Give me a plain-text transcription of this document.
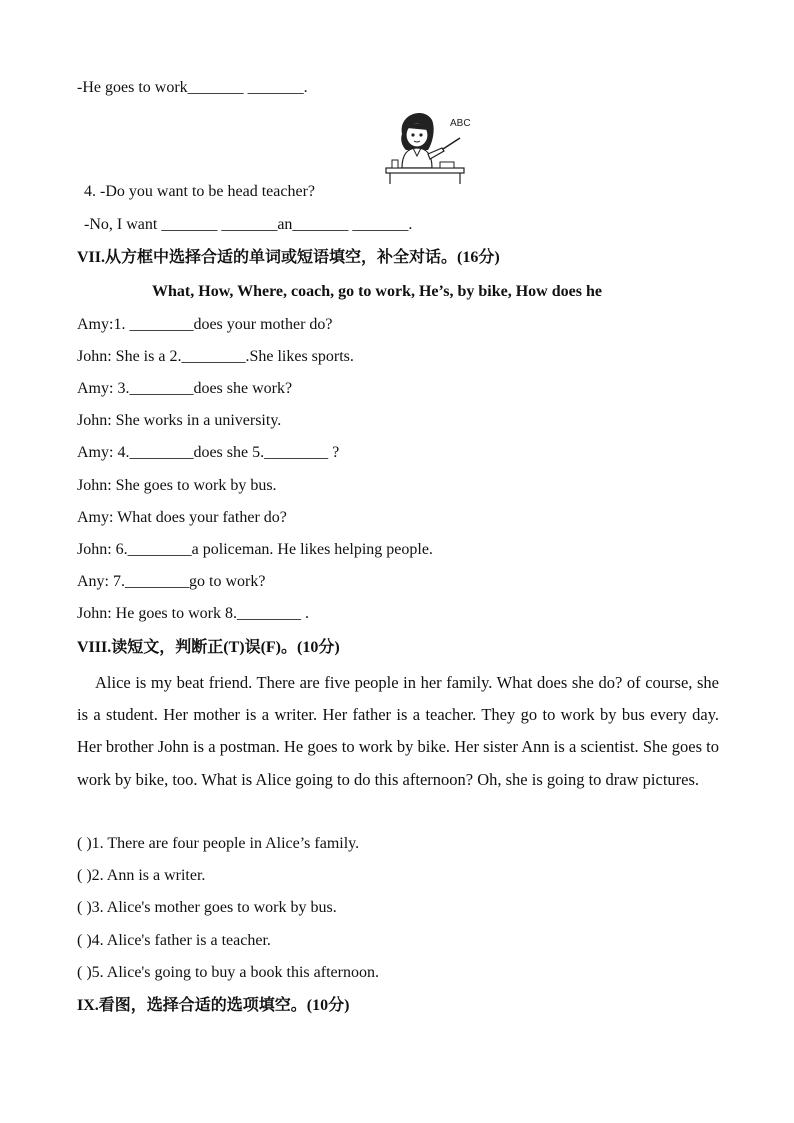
-He goes to work_______ _______.
ABC
4. -Do you want to be head teacher?
-No, I want _______ _______an_______ _______.
VII.从方框中选择合适的单词或短语填空，补全对话。(16分)
What, How, Where, coach, go to work, He’s, by bike, How does he
Amy:1. ________does your mother do?
John: She is a 2.________.She likes sports.
Amy: 3.________does she work?
John: She works in a university.
Amy: 4.________does she 5.________ ?
John: She goes to work by bus.
Amy: What does your father do?
John: 6.________a policeman. He likes helping people.
Any: 7.________go to work?
John: He goes to work 8.________ .
VIII.读短文，判断正(T)误(F)。(10分)
Alice is my beat friend. There are five people in her family. What does she do? of course, she is a student. Her mother is a writer. Her father is a teacher. They go to work by bus every day. Her brother John is a postman. He goes to work by bike. Her sister Ann is a scientist. She goes to work by bike, too. What is Alice going to do this afternoon? Oh, she is going to draw pictures.
( )1. There are four people in Alice’s family.
( )2. Ann is a writer.
( )3. Alice's mother goes to work by bus.
( )4. Alice's father is a teacher.
( )5. Alice's going to buy a book this afternoon.
IX.看图，选择合适的选项填空。(10分)
